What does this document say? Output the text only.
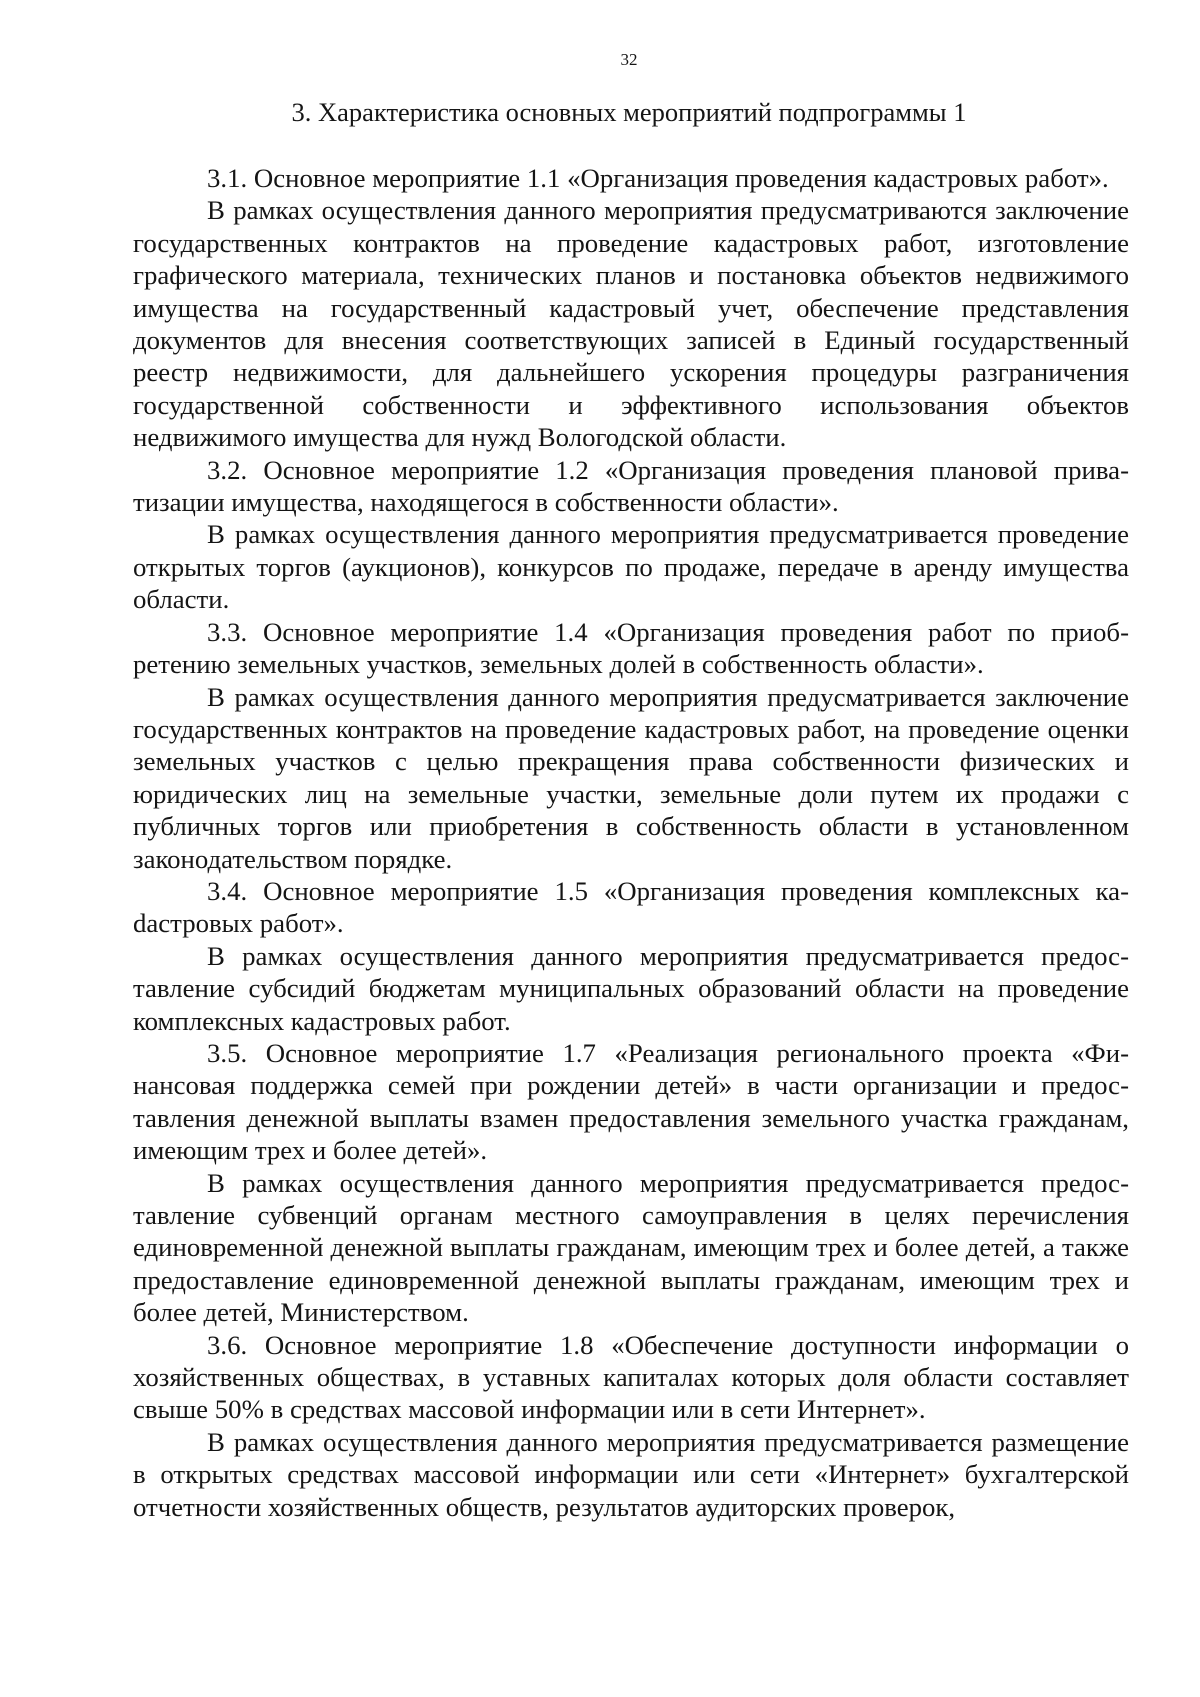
32
3. Характеристика основных мероприятий подпрограммы 1

3.1. Основное мероприятие 1.1 «Организация проведения кадастровых работ».

В рамках осуществления данного мероприятия предусматриваются заключение государственных контрактов на проведение кадастровых работ, изготовление графического материала, технических планов и постановка объектов недвижимого имущества на государственный кадастровый учет, обеспечение представления документов для внесения соответствующих записей в Единый государственный реестр недвижимости, для дальнейшего ускорения процедуры разграничения государственной собственности и эффективного использования объектов недвижимого имущества для нужд Вологодской области.

3.2. Основное мероприятие 1.2 «Организация проведения плановой приватизации имущества, находящегося в собственности области».

В рамках осуществления данного мероприятия предусматривается проведение открытых торгов (аукционов), конкурсов по продаже, передаче в аренду имущества области.

3.3. Основное мероприятие 1.4 «Организация проведения работ по приобретению земельных участков, земельных долей в собственность области».

В рамках осуществления данного мероприятия предусматривается заключение государственных контрактов на проведение кадастровых работ, на проведение оценки земельных участков с целью прекращения права собственности физических и юридических лиц на земельные участки, земельные доли путем их продажи с публичных торгов или приобретения в собственность области в установленном законодательством порядке.

3.4. Основное мероприятие 1.5 «Организация проведения комплексных каdастровых работ».

В рамках осуществления данного мероприятия предусматривается предоставление субсидий бюджетам муниципальных образований области на проведение комплексных кадастровых работ.

3.5. Основное мероприятие 1.7 «Реализация регионального проекта «Финансовая поддержка семей при рождении детей» в части организации и предоставления денежной выплаты взамен предоставления земельного участка гражданам, имеющим трех и более детей».

В рамках осуществления данного мероприятия предусматривается предоставление субвенций органам местного самоуправления в целях перечисления единовременной денежной выплаты гражданам, имеющим трех и более детей, а также предоставление единовременной денежной выплаты гражданам, имеющим трех и более детей, Министерством.

3.6. Основное мероприятие 1.8 «Обеспечение доступности информации о хозяйственных обществах, в уставных капиталах которых доля области составляет свыше 50% в средствах массовой информации или в сети Интернет».

В рамках осуществления данного мероприятия предусматривается размещение в открытых средствах массовой информации или сети «Интернет» бухгалтерской отчетности хозяйственных обществ, результатов аудиторских проверок,
